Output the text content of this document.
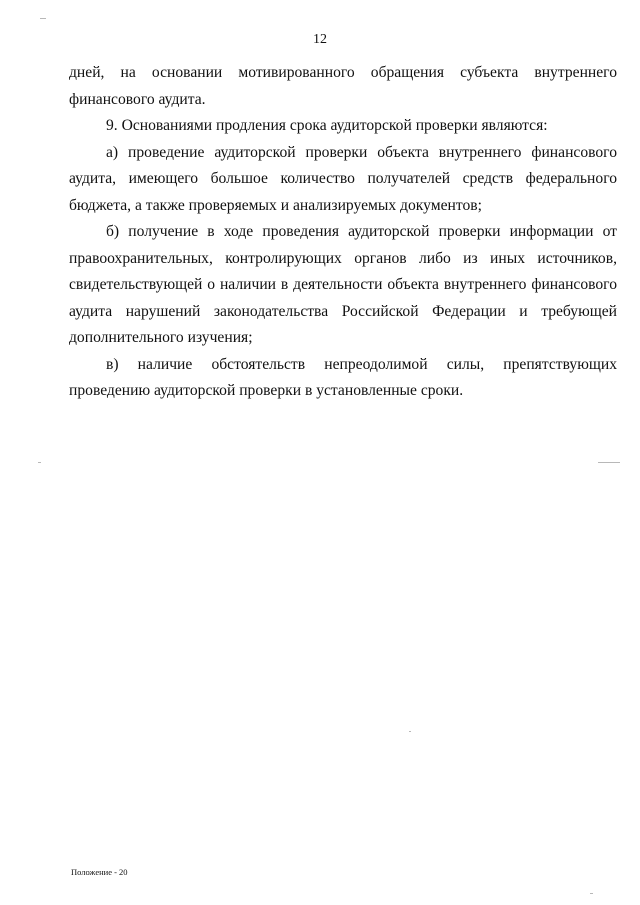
12

дней, на основании мотивированного обращения субъекта внутреннего финансового аудита.

9. Основаниями продления срока аудиторской проверки являются:

а) проведение аудиторской проверки объекта внутреннего финансового аудита, имеющего большое количество получателей средств федерального бюджета, а также проверяемых и анализируемых документов;

б) получение в ходе проведения аудиторской проверки информации от правоохранительных, контролирующих органов либо из иных источников, свидетельствующей о наличии в деятельности объекта внутреннего финансового аудита нарушений законодательства Российской Федерации и требующей дополнительного изучения;

в) наличие обстоятельств непреодолимой силы, препятствующих проведению аудиторской проверки в установленные сроки.

Положение - 20
